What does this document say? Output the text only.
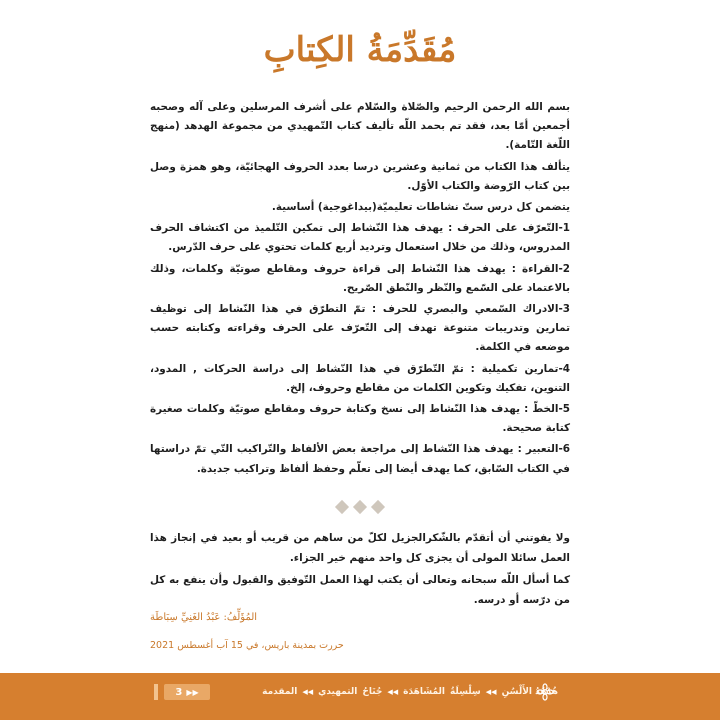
مُقَدِّمَةُ الكِتابِ

بسم الله الرحمن الرحيم والصّلاة والسّلام على أشرف المرسلين وعلى آله وصحبه أجمعين أمّا بعد، فقد تم بحمد اللّه تأليف كتاب التّمهيدي من مجموعة الهدهد (منهج اللّغة التّامة).

يتألف هذا الكتاب من ثمانية وعشرين درسا بعدد الحروف الهجائيّة، وهو همزة وصل بين كتاب الرّوضة والكتاب الأوّل.

يتضمن كل درس ستّ نشاطات تعليميّة(بيداغوجية) أساسية.

1-التّعرّف على الحرف : يهدف هذا النّشاط إلى تمكين التّلميذ من اكتشاف الحرف المدروس، وذلك من خلال استعمال وترديد أربع كلمات تحتوي على حرف الدّرس.

2-القراءة : يهدف هذا النّشاط إلى قراءة حروف ومقاطع صوتيّة وكلمات، وذلك بالاعتماد على السّمع والنّظر والنّطق الصّريح.

3-الادراك السّمعي والبصري للحرف : تمّ التطرّق في هذا النّشاط إلى توظيف تمارين وتدريبات متنوعة تهدف إلى التّعرّف على الحرف وقراءته وكتابته حسب موضعه في الكلمة.

4-تمارين تكميلية : تمّ التّطرّق في هذا النّشاط إلى دراسة الحركات , المدود، التنوين، تفكيك وتكوين الكلمات من مقاطع وحروف، إلخ.

5-الخطّ : يهدف هذا النّشاط إلى نسخ وكتابة حروف ومقاطع صوتيّة وكلمات صغيرة كتابة صحيحة.

6-التعبير : يهدف هذا النّشاط إلى مراجعة بعض الألفاظ والتّراكيب التّي تمّ دراستها في الكتاب السّابق، كما يهدف أيضا إلى تعلّم وحفظ ألفاظ وتراكيب جديدة.

ولا يفوتني أن أتقدّم بالشّكرالجزيل لكلّ من ساهم من قريب أو بعيد في إنجاز هذا العمل سائلا المولى أن يجزى كل واحد منهم خير الجزاء.

كما أسأل اللّه سبحانه وتعالى أن يكتب لهذا العمل التّوفيق والقبول وأن ينفع به كل من درّسه أو درسه.

المُؤَلِّفُ: عَبْدُ الغَنِيِّ سِبَاطَة
حررت بمدينة باريس، في 15 آب أغسطس 2021
3 ▶▶	هُدْهُدُ الأَلْسُنِ
◀◀
سِلْسِلَةُ
المُشَاهَدَة
◀◀
جُنَاحُ
التمهيدي
◀◀
المقدمة
